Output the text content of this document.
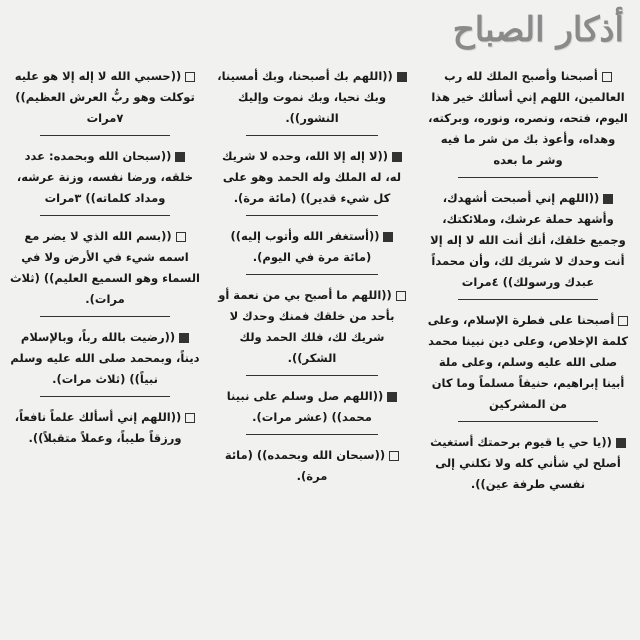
أذكار الصباح
أصبحنا وأصبح الملك لله رب العالمين، اللهم إني أسألك خير هذا اليوم، فتحه، ونصره، ونوره، وبركته، وهداه، وأعوذ بك من شر ما فيه وشر ما بعده
((اللهم إني أصبحت أشهدك، وأشهد حملة عرشك، وملائكتك، وجميع خلقك، أنك أنت الله لا إله إلا أنت وحدك لا شريك لك، وأن محمداً عبدك ورسولك)) ٤مرات
أصبحنا على فطرة الإسلام، وعلى كلمة الإخلاص، وعلى دين نبينا محمد صلى الله عليه وسلم، وعلى ملة أبينا إبراهيم، حنيفاً مسلماً وما كان من المشركين
((يا حي يا قيوم برحمتك أستغيث أصلح لي شأني كله ولا تكلني إلى نفسي طرفة عين)).
((اللهم بك أصبحنا، وبك أمسينا، وبك نحيا، وبك نموت وإليك النشور)).
((لا إله إلا الله، وحده لا شريك له، له الملك وله الحمد وهو على كل شيء قدير)) (مائة مرة).
((أستغفر الله وأتوب إليه)) (مائة مرة في اليوم).
((اللهم ما أصبح بي من نعمة أو بأحد من خلقك فمنك وحدك لا شريك لك، فلك الحمد ولك الشكر)).
((اللهم صل وسلم على نبينا محمد)) (عشر مرات).
((سبحان الله وبحمده)) (مائة مرة).
((حسبي الله لا إله إلا هو عليه توكلت وهو ربُّ العرش العظيم)) ٧مرات
((سبحان الله وبحمده: عدد خلقه، ورضا نفسه، وزنة عرشه، ومداد كلماته)) ٣مرات
((بسم الله الذي لا يضر مع اسمه شيء في الأرض ولا في السماء وهو السميع العليم)) (ثلاث مرات).
((رضيت بالله رباً، وبالإسلام ديناً، وبمحمد صلى الله عليه وسلم نبياً)) (ثلاث مرات).
((اللهم إني أسألك علماً نافعاً، ورزقاً طيباً، وعملاً متقبلاً)).
